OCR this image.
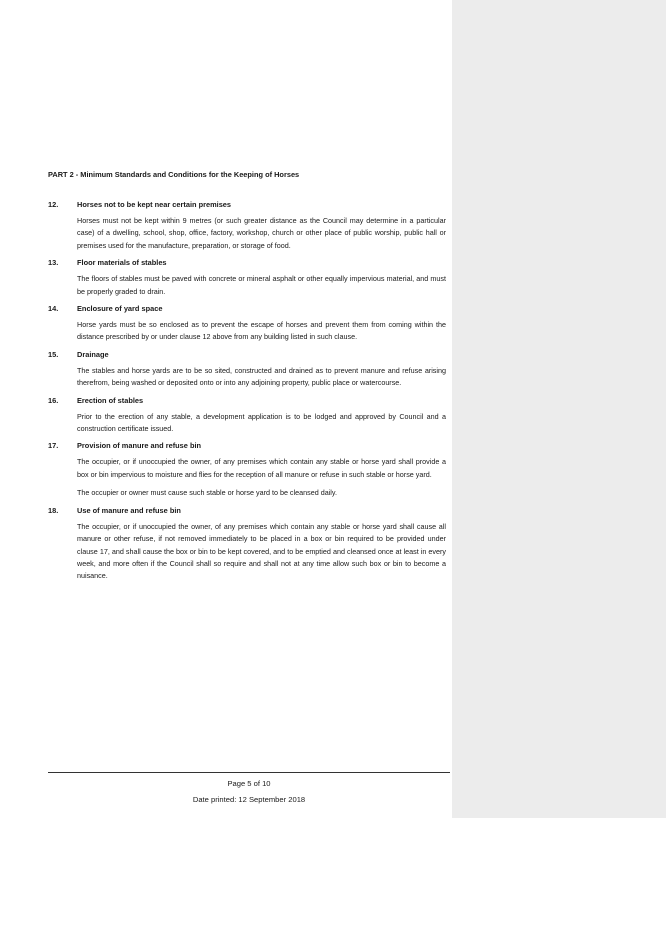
PART 2 - Minimum Standards and Conditions for the Keeping of Horses
12.	Horses not to be kept near certain premises

Horses must not be kept within 9 metres (or such greater distance as the Council may determine in a particular case) of a dwelling, school, shop, office, factory, workshop, church or other place of public worship, public hall or premises used for the manufacture, preparation, or storage of food.

13.	Floor materials of stables

The floors of stables must be paved with concrete or mineral asphalt or other equally impervious material, and must be properly graded to drain.

14.	Enclosure of yard space

Horse yards must be so enclosed as to prevent the escape of horses and prevent them from coming within the distance prescribed by or under clause 12 above from any building listed in such clause.

15.	Drainage

The stables and horse yards are to be so sited, constructed and drained as to prevent manure and refuse arising therefrom, being washed or deposited onto or into any adjoining property, public place or watercourse.

16.	Erection of stables

Prior to the erection of any stable, a development application is to be lodged and approved by Council and a construction certificate issued.

17.	Provision of manure and refuse bin

The occupier, or if unoccupied the owner, of any premises which contain any stable or horse yard shall provide a box or bin impervious to moisture and flies for the reception of all manure or refuse in such stable or horse yard.

The occupier or owner must cause such stable or horse yard to be cleansed daily.

18.	Use of manure and refuse bin

The occupier, or if unoccupied the owner, of any premises which contain any stable or horse yard shall cause all manure or other refuse, if not removed immediately to be placed in a box or bin required to be provided under clause 17, and shall cause the box or bin to be kept covered, and to be emptied and cleansed once at least in every week, and more often if the Council shall so require and shall not at any time allow such box or bin to become a nuisance.

Page 5 of 10
Date printed: 12 September 2018
